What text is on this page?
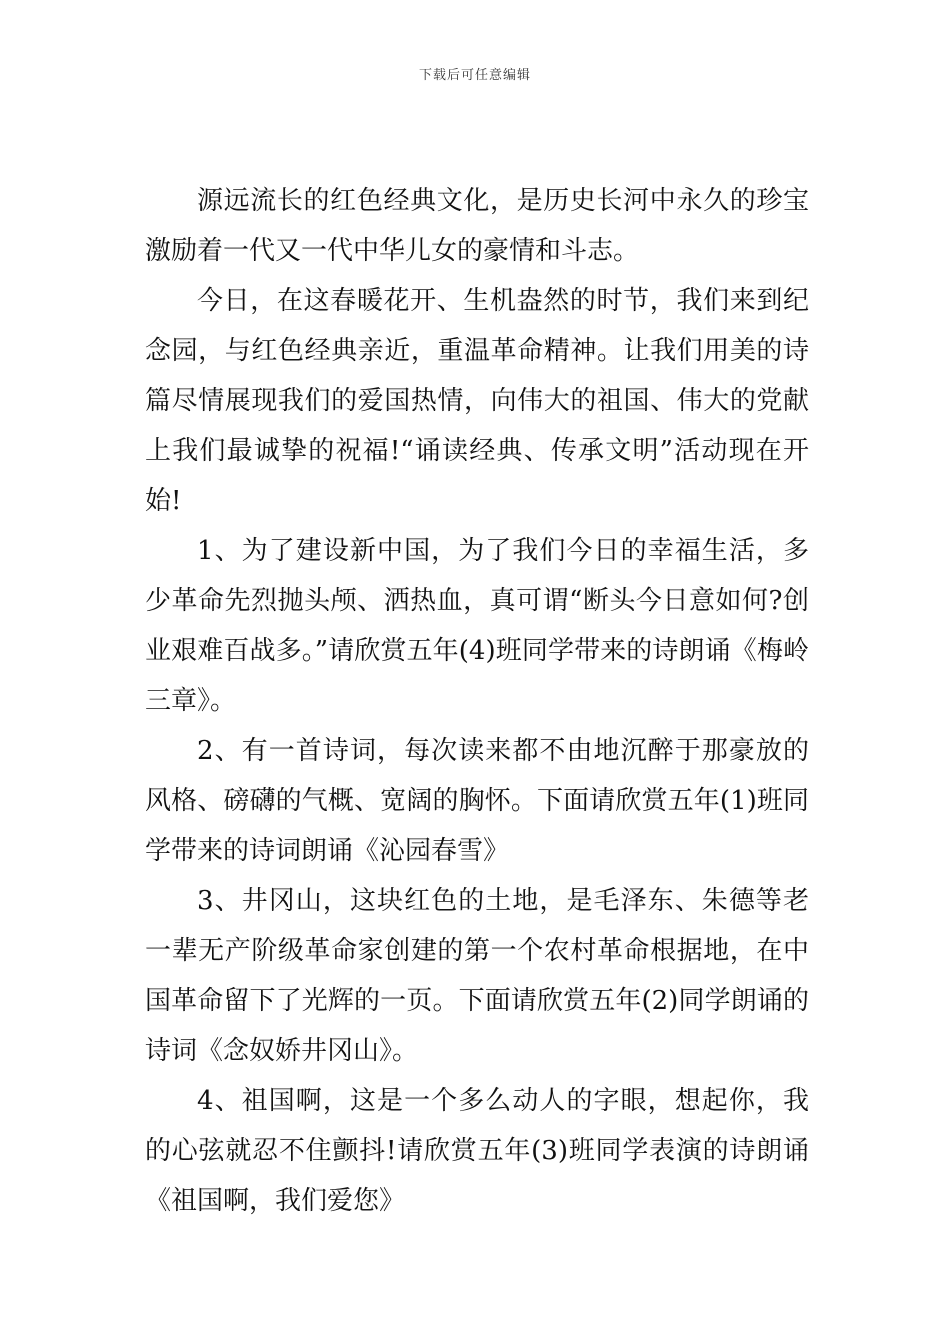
下载后可任意编辑

源远流长的红色经典文化，是历史长河中永久的珍宝激励着一代又一代中华儿女的豪情和斗志。

今日，在这春暖花开、生机盎然的时节，我们来到纪念园，与红色经典亲近，重温革命精神。让我们用美的诗篇尽情展现我们的爱国热情，向伟大的祖国、伟大的党献上我们最诚挚的祝福!“诵读经典、传承文明”活动现在开始!

1、为了建设新中国，为了我们今日的幸福生活，多少革命先烈抛头颅、洒热血，真可谓“断头今日意如何?创业艰难百战多。”请欣赏五年(4)班同学带来的诗朗诵《梅岭三章》。

2、有一首诗词，每次读来都不由地沉醉于那豪放的风格、磅礴的气概、宽阔的胸怀。下面请欣赏五年(1)班同学带来的诗词朗诵《沁园春雪》

3、井冈山，这块红色的土地，是毛泽东、朱德等老一辈无产阶级革命家创建的第一个农村革命根据地，在中国革命留下了光辉的一页。下面请欣赏五年(2)同学朗诵的诗词《念奴娇井冈山》。

4、祖国啊，这是一个多么动人的字眼，想起你，我的心弦就忍不住颤抖!请欣赏五年(3)班同学表演的诗朗诵《祖国啊，我们爱您》
